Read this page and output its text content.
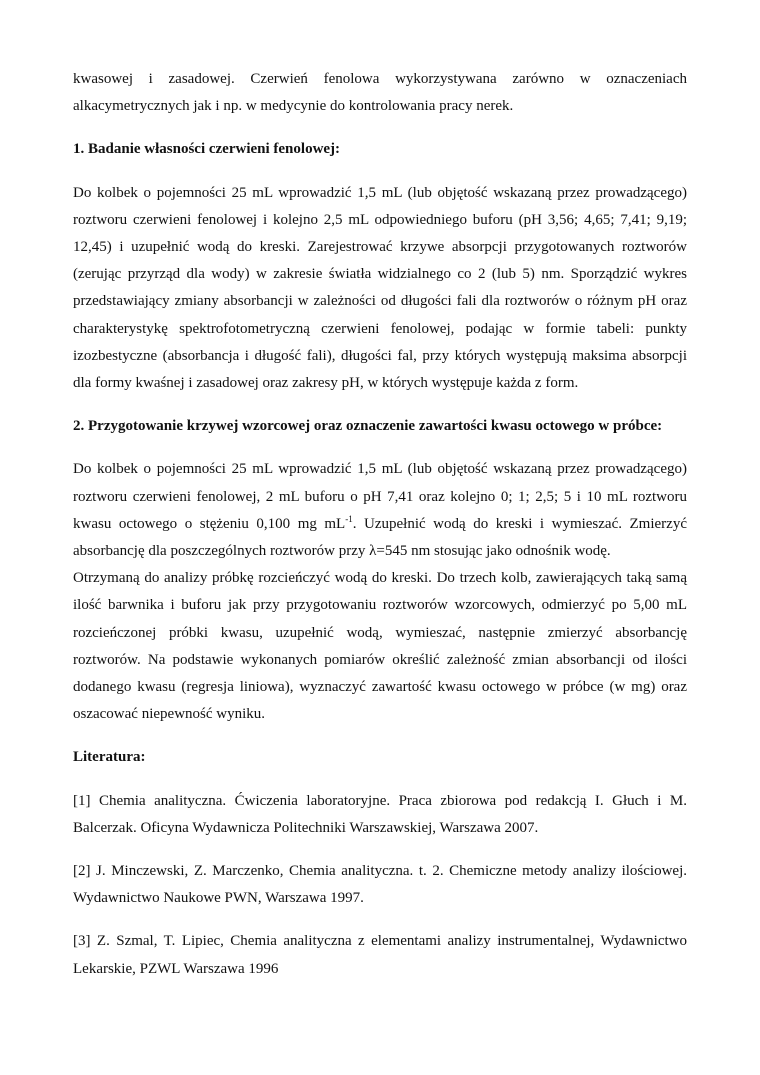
kwasowej i zasadowej. Czerwień fenolowa wykorzystywana zarówno w oznaczeniach alkacymetrycznych jak i np. w medycynie do kontrolowania pracy nerek.

1. Badanie własności czerwieni fenolowej:

Do kolbek o pojemności 25 mL wprowadzić 1,5 mL (lub objętość wskazaną przez prowadzącego) roztworu czerwieni fenolowej i kolejno 2,5 mL odpowiedniego buforu (pH 3,56; 4,65; 7,41; 9,19; 12,45) i uzupełnić wodą do kreski. Zarejestrować krzywe absorpcji przygotowanych roztworów (zerując przyrząd dla wody) w zakresie światła widzialnego co 2 (lub 5) nm. Sporządzić wykres przedstawiający zmiany absorbancji w zależności od długości fali dla roztworów o różnym pH oraz charakterystykę spektrofotometryczną czerwieni fenolowej, podając w formie tabeli: punkty izozbestyczne (absorbancja i długość fali), długości fal, przy których występują maksima absorpcji dla formy kwaśnej i zasadowej oraz zakresy pH, w których występuje każda z form.

2. Przygotowanie krzywej wzorcowej oraz oznaczenie zawartości kwasu octowego w próbce:

Do kolbek o pojemności 25 mL wprowadzić 1,5 mL (lub objętość wskazaną przez prowadzącego) roztworu czerwieni fenolowej, 2 mL buforu o pH 7,41 oraz kolejno 0; 1; 2,5; 5 i 10 mL roztworu kwasu octowego o stężeniu 0,100 mg $mL^{-1}$. Uzupełnić wodą do kreski i wymieszać. Zmierzyć absorbancję dla poszczególnych roztworów przy λ=545 nm stosując jako odnośnik wodę.

Otrzymaną do analizy próbkę rozcieńczyć wodą do kreski. Do trzech kolb, zawierających taką samą ilość barwnika i buforu jak przy przygotowaniu roztworów wzorcowych, odmierzyć po 5,00 mL rozcieńczonej próbki kwasu, uzupełnić wodą, wymieszać, następnie zmierzyć absorbancję roztworów. Na podstawie wykonanych pomiarów określić zależność zmian absorbancji od ilości dodanego kwasu (regresja liniowa), wyznaczyć zawartość kwasu octowego w próbce (w mg) oraz oszacować niepewność wyniku.

Literatura:

[1] Chemia analityczna. Ćwiczenia laboratoryjne. Praca zbiorowa pod redakcją I. Głuch i M. Balcerzak. Oficyna Wydawnicza Politechniki Warszawskiej, Warszawa 2007.

[2] J. Minczewski, Z. Marczenko, Chemia analityczna. t. 2. Chemiczne metody analizy ilościowej. Wydawnictwo Naukowe PWN, Warszawa 1997.

[3] Z. Szmal, T. Lipiec, Chemia analityczna z elementami analizy instrumentalnej, Wydawnictwo Lekarskie, PZWL Warszawa 1996
